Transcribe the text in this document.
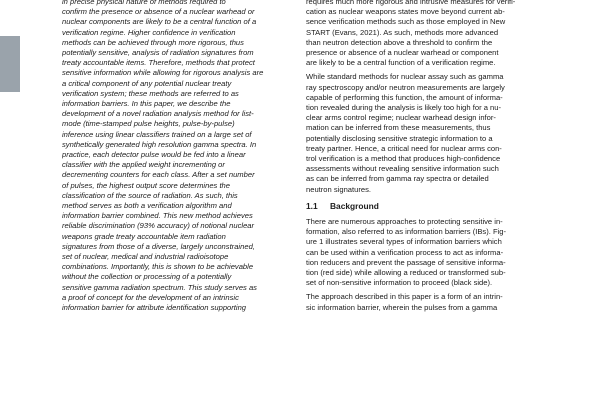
in precise physical nature of methods required to
confirm the presence or absence of a nuclear warhead or
nuclear components are likely to be a central function of a
verification regime. Higher confidence in verification
methods can be achieved through more rigorous, thus
potentially sensitive, analysis of radiation signatures from
treaty accountable items. Therefore, methods that protect
sensitive information while allowing for rigorous analysis are
a critical component of any potential nuclear treaty
verification system; these methods are referred to as
information barriers. In this paper, we describe the
development of a novel radiation analysis method for list-
mode (time-stamped pulse heights, pulse-by-pulse)
inference using linear classifiers trained on a large set of
synthetically generated high resolution gamma spectra. In
practice, each detector pulse would be fed into a linear
classifier with the applied weight incrementing or
decrementing counters for each class. After a set number
of pulses, the highest output score determines the
classification of the source of radiation. As such, this
method serves as both a verification algorithm and
information barrier combined. This new method achieves
reliable discrimination (93% accuracy) of notional nuclear
weapons grade treaty accountable item radiation
signatures from those of a diverse, largely unconstrained,
set of nuclear, medical and industrial radioisotope
combinations. Importantly, this is shown to be achievable
without the collection or processing of a potentially
sensitive gamma radiation spectrum. This study serves as
a proof of concept for the development of an intrinsic
information barrier for attribute identification supporting

requires much more rigorous and intrusive measures for verifi-
cation as nuclear weapons states move beyond current ab-
sence verification methods such as those employed in New
START (Evans, 2021). As such, methods more advanced
than neutron detection above a threshold to confirm the
presence or absence of a nuclear warhead or component
are likely to be a central function of a verification regime.

While standard methods for nuclear assay such as gamma
ray spectroscopy and/or neutron measurements are largely
capable of performing this function, the amount of informa-
tion revealed during the analysis is likely too high for a nu-
clear arms control regime; nuclear warhead design infor-
mation can be inferred from these measurements, thus
potentially disclosing sensitive strategic information to a
treaty partner. Hence, a critical need for nuclear arms con-
trol verification is a method that produces high-confidence
assessments without revealing sensitive information such
as can be inferred from gamma ray spectra or detailed
neutron signatures.

1.1 Background

There are numerous approaches to protecting sensitive in-
formation, also referred to as information barriers (IBs). Fig-
ure 1 illustrates several types of information barriers which
can be used within a verification process to act as informa-
tion reducers and prevent the passage of sensitive informa-
tion (red side) while allowing a reduced or transformed sub-
set of non-sensitive information to proceed (black side).

The approach described in this paper is a form of an intrin-
sic information barrier, wherein the pulses from a gamma
